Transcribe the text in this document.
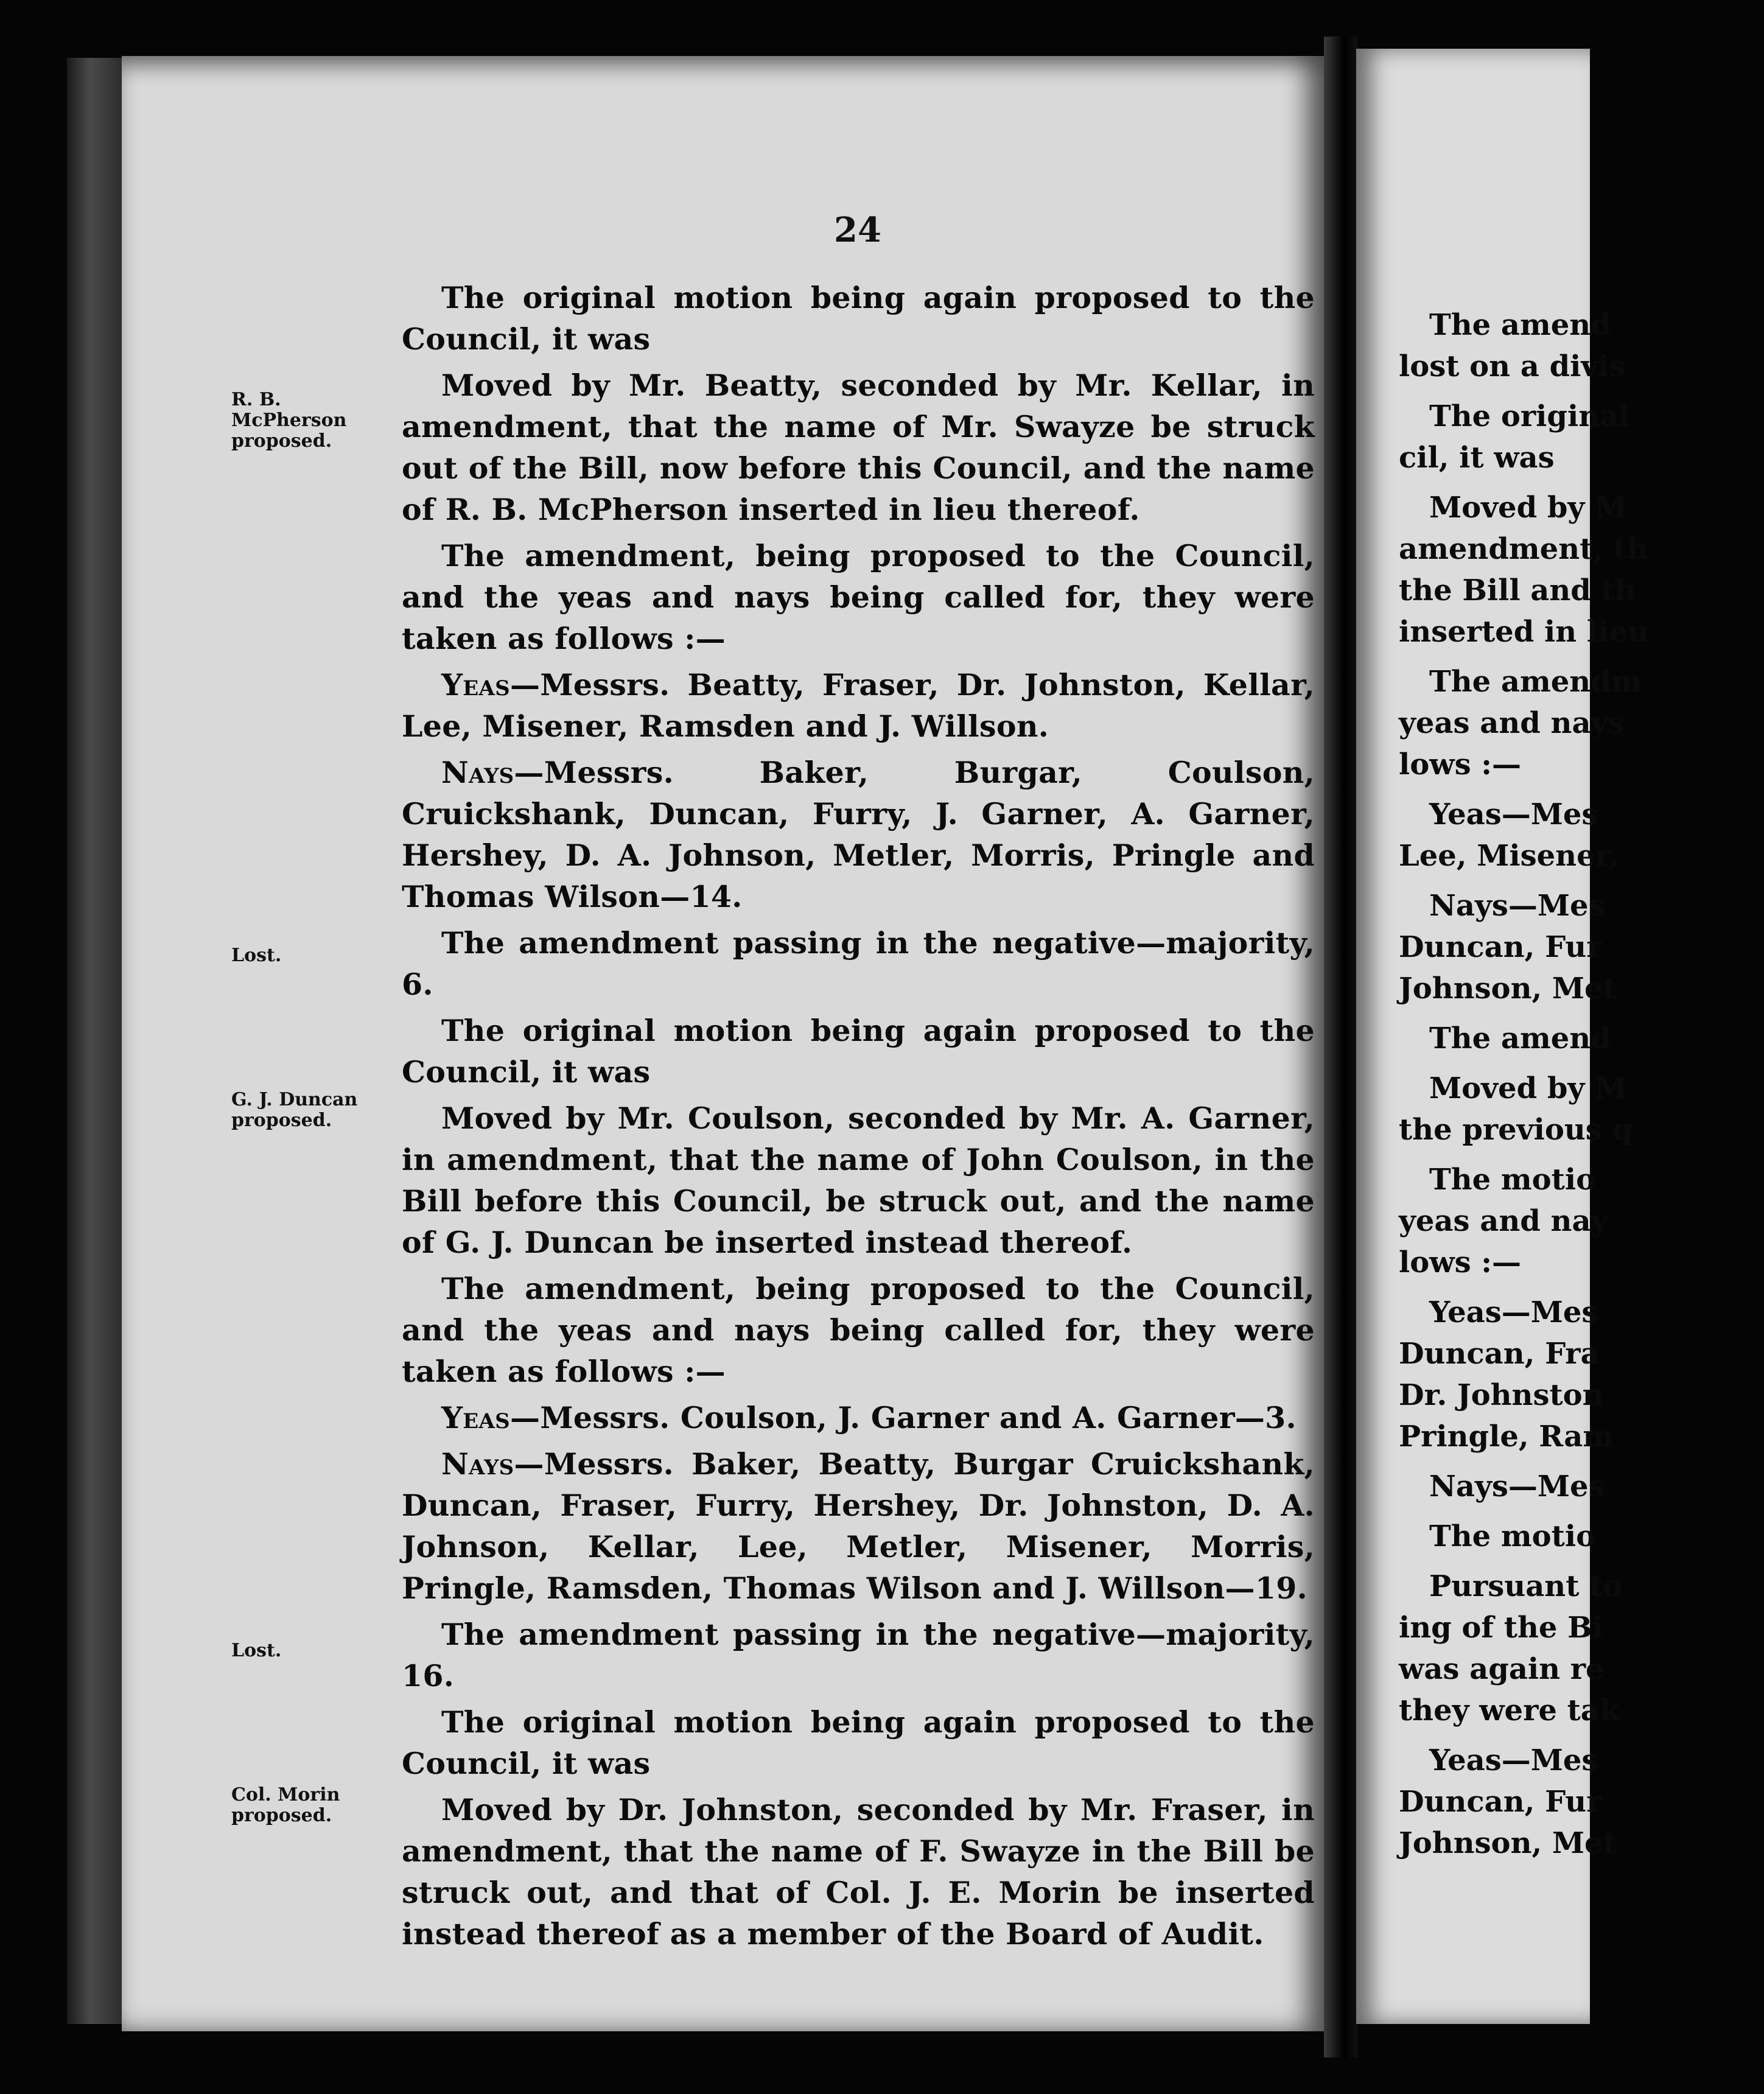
24
R. B. McPherson proposed.
Lost.
G. J. Duncan proposed.
Lost.
Col. Morin proposed.

The original motion being again proposed to the Council, it was

Moved by Mr. Beatty, seconded by Mr. Kellar, in amendment, that the name of Mr. Swayze be struck out of the Bill, now before this Council, and the name of R. B. McPherson inserted in lieu thereof.

The amendment, being proposed to the Council, and the yeas and nays being called for, they were taken as follows :—

Yeas—Messrs. Beatty, Fraser, Dr. Johnston, Kellar, Lee, Misener, Ramsden and J. Willson.

Nays—Messrs. Baker, Burgar, Coulson, Cruickshank, Duncan, Furry, J. Garner, A. Garner, Hershey, D. A. Johnson, Metler, Morris, Pringle and Thomas Wilson—14.

The amendment passing in the negative—majority, 6.

The original motion being again proposed to the Council, it was

Moved by Mr. Coulson, seconded by Mr. A. Garner, in amendment, that the name of John Coulson, in the Bill before this Council, be struck out, and the name of G. J. Duncan be inserted instead thereof.

The amendment, being proposed to the Council, and the yeas and nays being called for, they were taken as follows :—

Yeas—Messrs. Coulson, J. Garner and A. Garner—3.

Nays—Messrs. Baker, Beatty, Burgar Cruickshank, Duncan, Fraser, Furry, Hershey, Dr. Johnston, D. A. Johnson, Kellar, Lee, Metler, Misener, Morris, Pringle, Ramsden, Thomas Wilson and J. Willson—19.

The amendment passing in the negative—majority, 16.

The original motion being again proposed to the Council, it was

Moved by Dr. Johnston, seconded by Mr. Fraser, in amendment, that the name of F. Swayze in the Bill be struck out, and that of Col. J. E. Morin be inserted instead thereof as a member of the Board of Audit.

The amend
lost on a divis
The original
cil, it was
Moved by M
amendment, th
the Bill and th
inserted in lieu
The amendm
yeas and nays
lows :—
Yeas—Mes
Lee, Misener,
Nays—Mes
Duncan, Fur
Johnson, Met
The amend
Moved by M
the previous q
The motio
yeas and nay
lows :—
Yeas—Mes
Duncan, Fra
Dr. Johnston
Pringle, Ram
Nays—Mes
The motio
Pursuant to
ing of the Bi
was again re
they were tak
Yeas—Mes
Duncan, Fur
Johnson, Met
